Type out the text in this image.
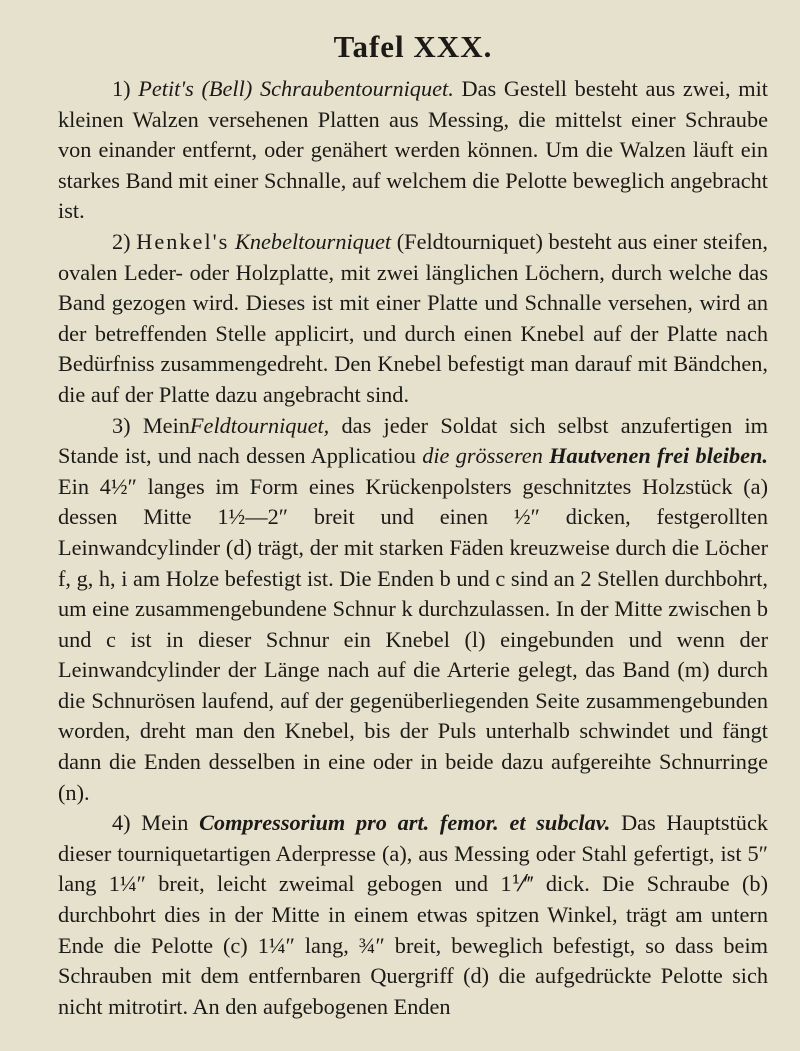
Tafel XXX.

1) Petit's (Bell) Schraubentourniquet. Das Gestell besteht aus zwei, mit kleinen Walzen versehenen Platten aus Messing, die mittelst einer Schraube von einander entfernt, oder genähert werden können. Um die Walzen läuft ein starkes Band mit einer Schnalle, auf welchem die Pelotte beweglich angebracht ist.

2) Henkel's Knebeltourniquet (Feldtourniquet) besteht aus einer steifen, ovalen Leder- oder Holzplatte, mit zwei länglichen Löchern, durch welche das Band gezogen wird. Dieses ist mit einer Platte und Schnalle versehen, wird an der betreffenden Stelle applicirt, und durch einen Knebel auf der Platte nach Bedürfniss zusammengedreht. Den Knebel befestigt man darauf mit Bändchen, die auf der Platte dazu angebracht sind.

3) MeinFeldtourniquet, das jeder Soldat sich selbst anzufertigen im Stande ist, und nach dessen Applicatiou die grösseren Hautvenen frei bleiben. Ein 4½″ langes im Form eines Krückenpolsters geschnitztes Holzstück (a) dessen Mitte 1½—2″ breit und einen ½″ dicken, festgerollten Leinwandcylinder (d) trägt, der mit starken Fäden kreuzweise durch die Löcher f, g, h, i am Holze befestigt ist. Die Enden b und c sind an 2 Stellen durchbohrt, um eine zusammengebundene Schnur k durchzulassen. In der Mitte zwischen b und c ist in dieser Schnur ein Knebel (l) eingebunden und wenn der Leinwandcylinder der Länge nach auf die Arterie gelegt, das Band (m) durch die Schnurösen laufend, auf der gegenüberliegenden Seite zusammengebunden worden, dreht man den Knebel, bis der Puls unterhalb schwindet und fängt dann die Enden desselben in eine oder in beide dazu aufgereihte Schnurringe (n).

4) Mein Compressorium pro art. femor. et subclav. Das Hauptstück dieser tourniquetartigen Aderpresse (a), aus Messing oder Stahl gefertigt, ist 5″ lang 1¼″ breit, leicht zweimal gebogen und 1⅟‴ dick. Die Schraube (b) durchbohrt dies in der Mitte in einem etwas spitzen Winkel, trägt am untern Ende die Pelotte (c) 1¼″ lang, ¾″ breit, beweglich befestigt, so dass beim Schrauben mit dem entfernbaren Quergriff (d) die aufgedrückte Pelotte sich nicht mitrotirt. An den aufgebogenen Enden
